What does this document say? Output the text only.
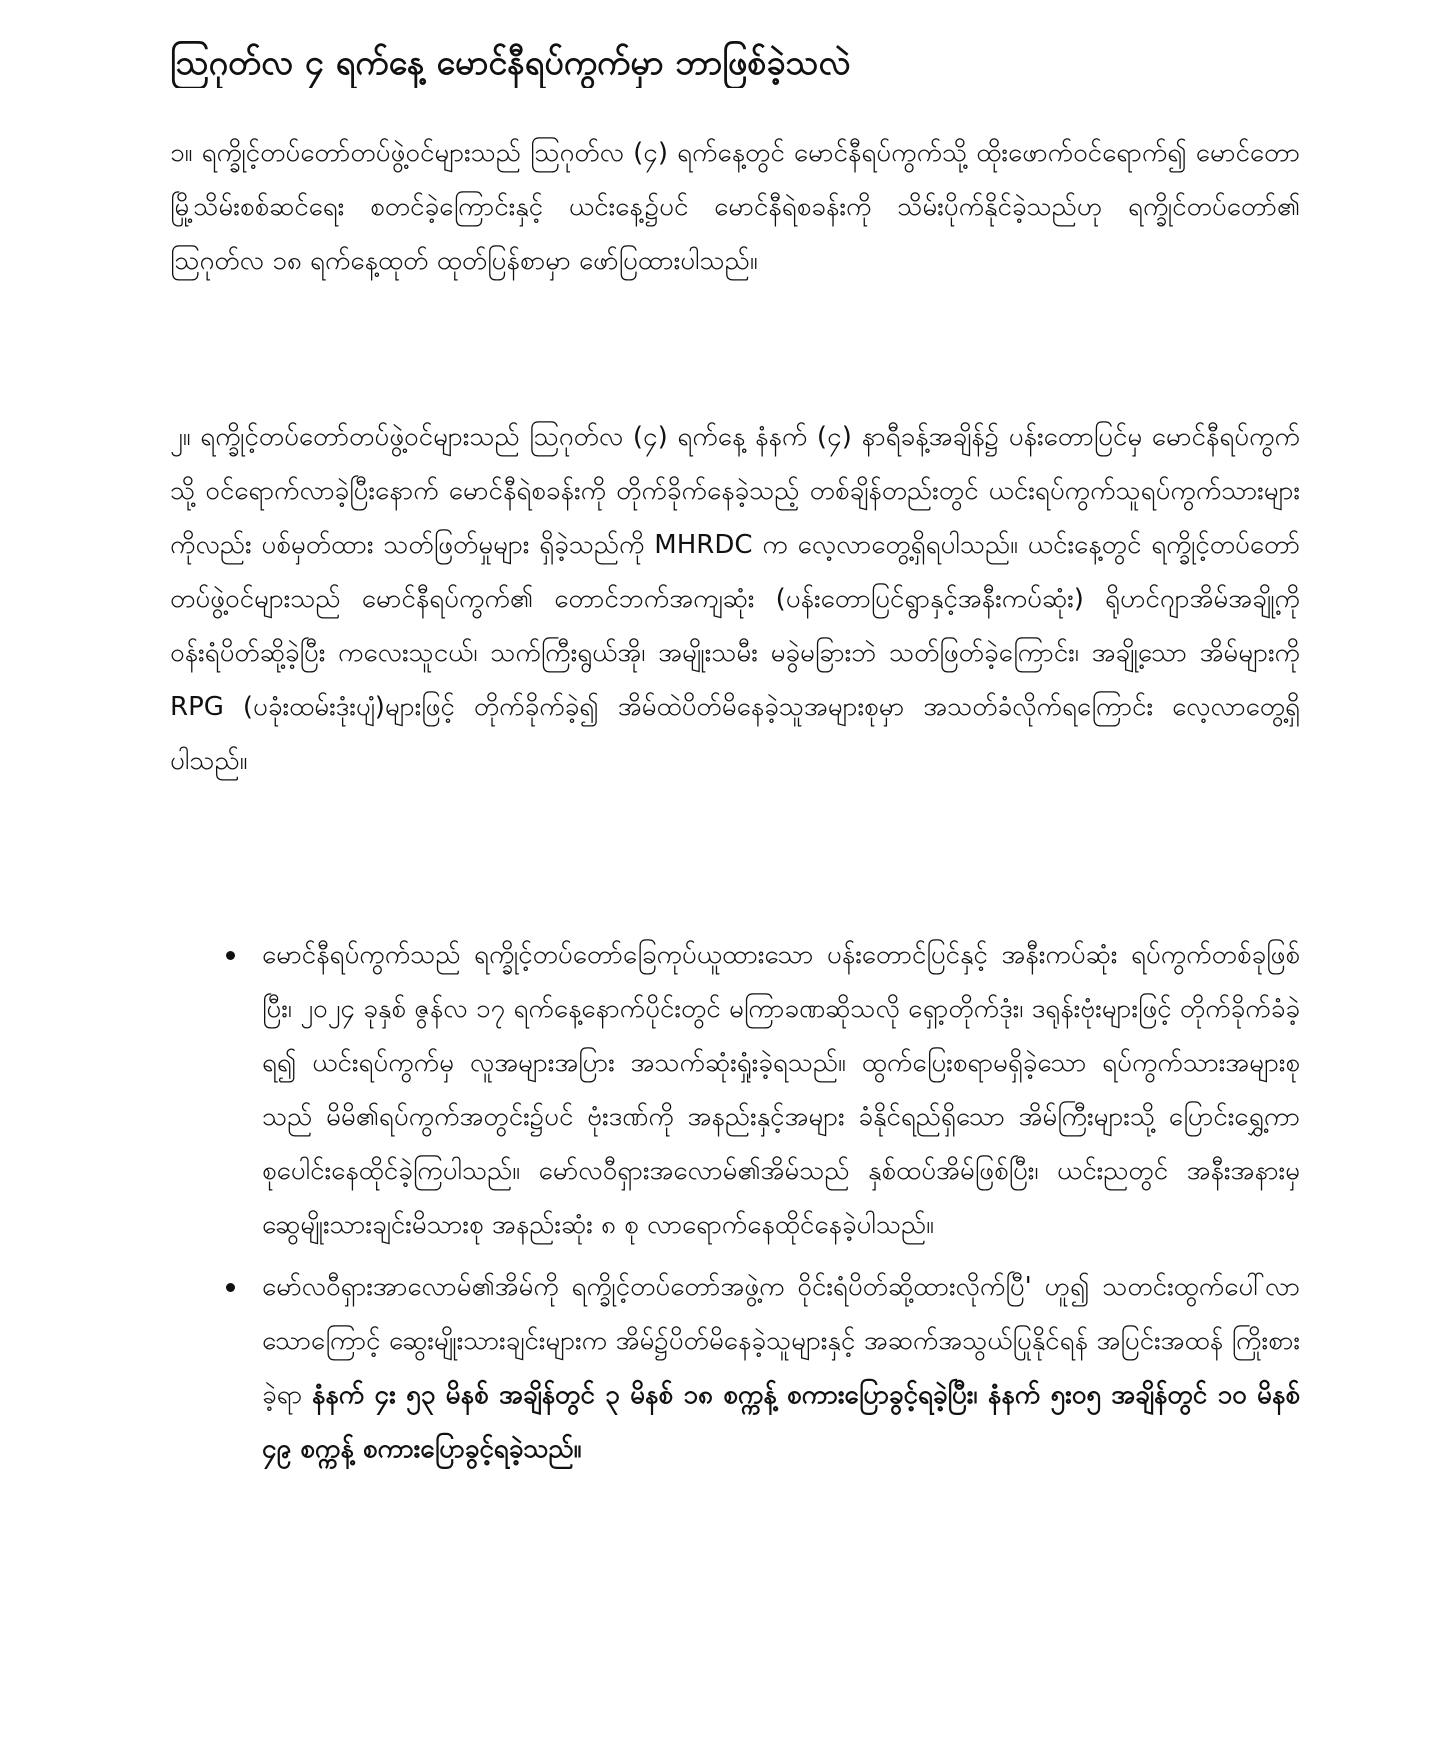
ဩဂုတ်လ ၄ ရက်နေ့ မောင်နီရပ်ကွက်မှာ ဘာဖြစ်ခဲ့သလဲ
၁။ ရက္ခိုင့်တပ်တော်တပ်ဖွဲ့ဝင်များသည် ဩဂုတ်လ (၄) ရက်နေ့တွင် မောင်နီရပ်ကွက်သို့ ထိုးဖောက်ဝင်ရောက်၍ မောင်တောမြို့သိမ်းစစ်ဆင်ရေး စတင်ခဲ့ကြောင်းနှင့် ယင်းနေ့၌ပင် မောင်နီရဲစခန်းကို သိမ်းပိုက်နိုင်ခဲ့သည်ဟု ရက္ခိုင်တပ်တော်၏ ဩဂုတ်လ ၁၈ ရက်နေ့ထုတ် ထုတ်ပြန်စာမှာ ဖော်ပြထားပါသည်။
၂။ ရက္ခိုင့်တပ်တော်တပ်ဖွဲ့ဝင်များသည် ဩဂုတ်လ (၄) ရက်နေ့ နံနက် (၄) နာရီခန့်အချိန်၌ ပန်းတောပြင်မှ မောင်နီရပ်ကွက်သို့ ဝင်ရောက်လာခဲ့ပြီးနောက် မောင်နီရဲစခန်းကို တိုက်ခိုက်နေခဲ့သည့် တစ်ချိန်တည်းတွင် ယင်းရပ်ကွက်သူရပ်ကွက်သားများကိုလည်း ပစ်မှတ်ထား သတ်ဖြတ်မှုများ ရှိခဲ့သည်ကို MHRDC က လေ့လာတွေ့ရှိရပါသည်။ ယင်းနေ့တွင် ရက္ခိုင့်တပ်တော်တပ်ဖွဲ့ဝင်များသည် မောင်နီရပ်ကွက်၏ တောင်ဘက်အကျဆုံး (ပန်းတောပြင်ရွာနှင့်အနီးကပ်ဆုံး) ရိုဟင်ဂျာအိမ်အချို့ကို ဝန်းရံပိတ်ဆို့ခဲ့ပြီး ကလေးသူငယ်၊ သက်ကြီးရွယ်အို၊ အမျိုးသမီး မခွဲမခြားဘဲ သတ်ဖြတ်ခဲ့ကြောင်း၊ အချို့သော အိမ်များကို RPG (ပခုံးထမ်းဒုံးပျံ)များဖြင့် တိုက်ခိုက်ခဲ့၍ အိမ်ထဲပိတ်မိနေခဲ့သူအများစုမှာ အသတ်ခံလိုက်ရကြောင်း လေ့လာတွေ့ရှိပါသည်။
မောင်နီရပ်ကွက်သည် ရက္ခိုင့်တပ်တော်ခြေကုပ်ယူထားသော ပန်းတောင်ပြင်နှင့် အနီးကပ်ဆုံး ရပ်ကွက်တစ်ခုဖြစ်ပြီး၊ ၂၀၂၄ ခုနှစ် ဇွန်လ ၁၇ ရက်နေ့နောက်ပိုင်းတွင် မကြာခဏဆိုသလို ရှော့တိုက်ဒုံး၊ ဒရုန်းဗုံးများဖြင့် တိုက်ခိုက်ခံခဲ့ရ၍ ယင်းရပ်ကွက်မှ လူအများအပြား အသက်ဆုံးရှုံးခဲ့ရသည်။ ထွက်ပြေးစရာမရှိခဲ့သော ရပ်ကွက်သားအများစုသည် မိမိ၏ရပ်ကွက်အတွင်း၌ပင် ဗုံးဒဏ်ကို အနည်းနှင့်အများ ခံနိုင်ရည်ရှိသော အိမ်ကြီးများသို့ ပြောင်းရွှေ့ကာ စုပေါင်းနေထိုင်ခဲ့ကြပါသည်။ မော်လဝီရှားအလောမ်၏အိမ်သည် နှစ်ထပ်အိမ်ဖြစ်ပြီး၊ ယင်းညတွင် အနီးအနားမှ ဆွေမျိုးသားချင်းမိသားစု အနည်းဆုံး ၈ စု လာရောက်နေထိုင်နေခဲ့ပါသည်။
မော်လဝီရှားအာလောမ်၏အိမ်ကို ရက္ခိုင့်တပ်တော်အဖွဲ့က ဝိုင်းရံပိတ်ဆို့ထားလိုက်ပြီ' ဟူ၍ သတင်းထွက်ပေါ်လာသောကြောင့် ဆွေးမျိုးသားချင်းများက အိမ်၌ပိတ်မိနေခဲ့သူများနှင့် အဆက်အသွယ်ပြုနိုင်ရန် အပြင်းအထန် ကြိုးစားခဲ့ရာ နံနက် ၄း ၅၃ မိနစ် အချိန်တွင် ၃ မိနစ် ၁၈ စက္ကန့် စကားပြောခွင့်ရခဲ့ပြီး၊ နံနက် ၅း၀၅ အချိန်တွင် ၁၀ မိနစ် ၄၉ စက္ကန့် စကားပြောခွင့်ရခဲ့သည်။
